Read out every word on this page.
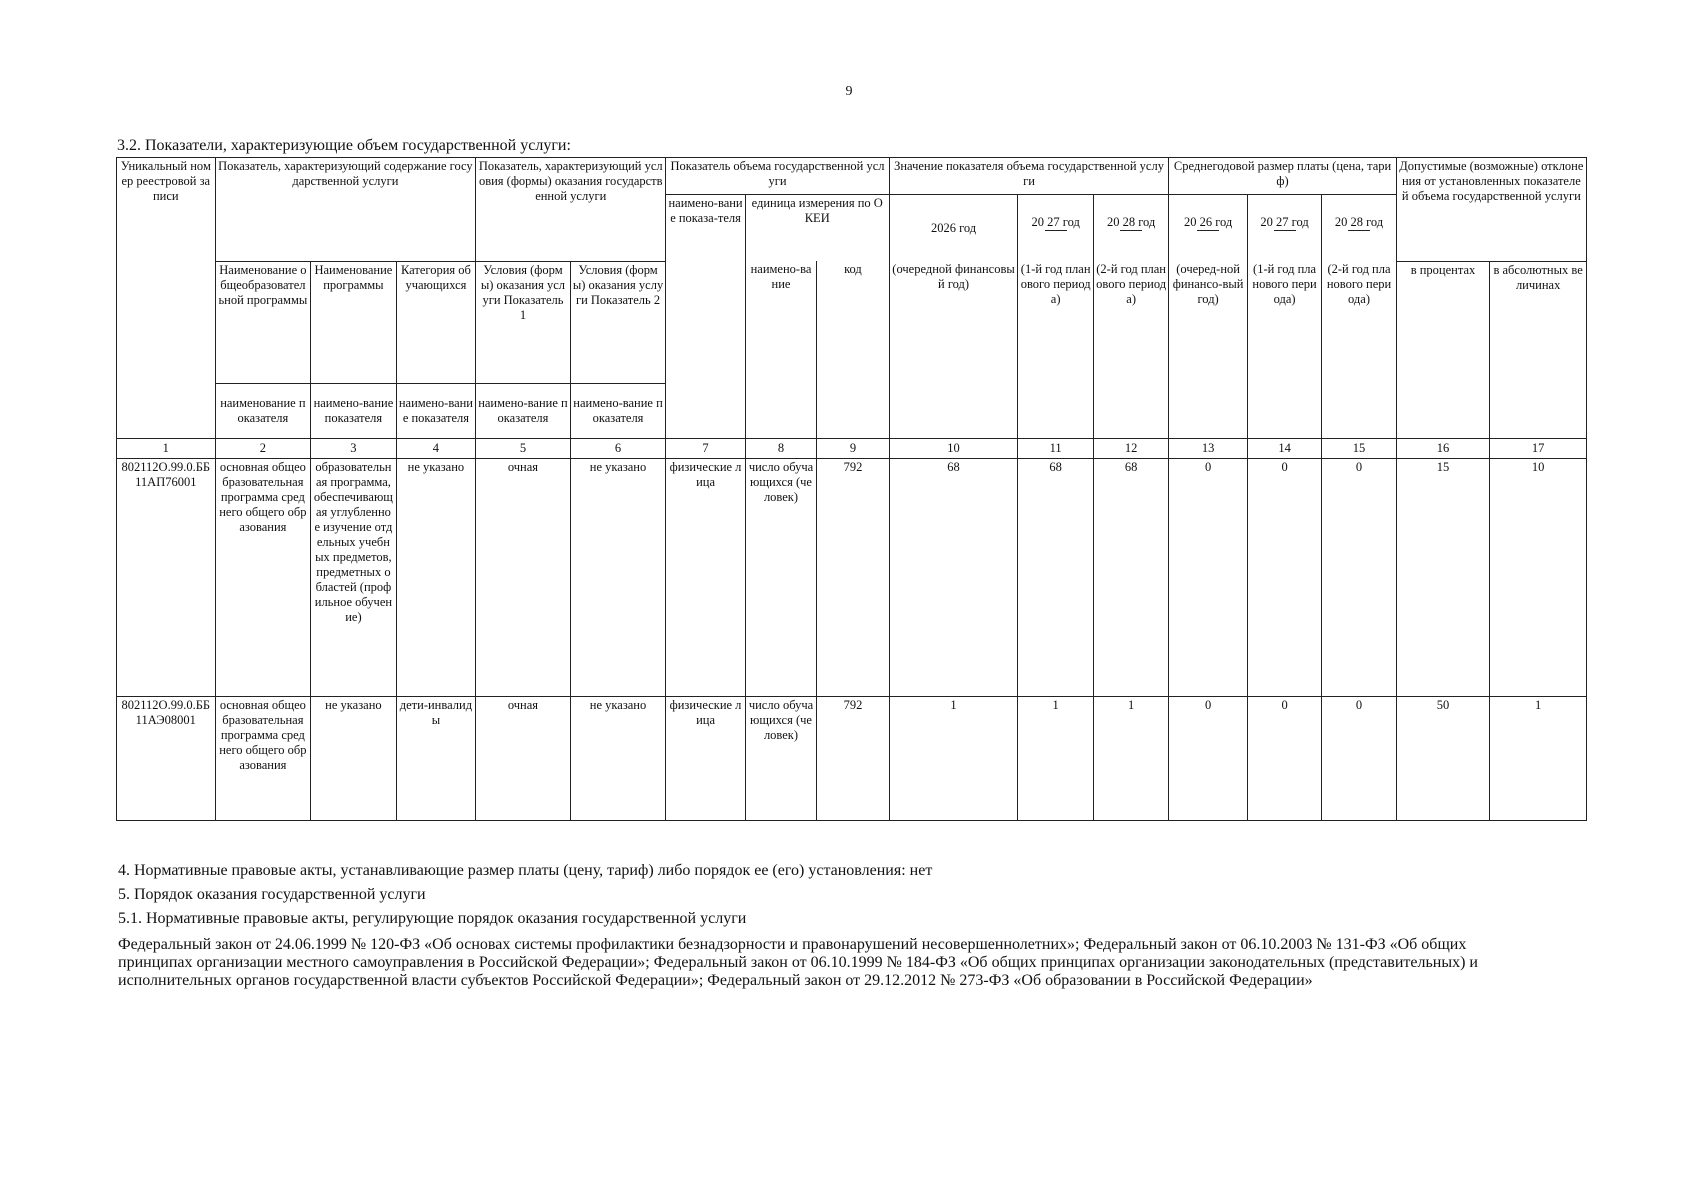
9
3.2. Показатели, характеризующие объем государственной услуги:
Уникальный номер реестровой записи	Показатель, характеризующий содержание государственной услуги			Показатель, характеризующий условия (формы) оказания государственной услуги		Показатель объема государственной услуги			Значение показателя объема государственной услуги			Среднегодовой размер платы (цена, тариф)			Допустимые (возможные) отклонения от установленных показателей объема государственной услуги	
						наимено-вание показа-теля	единица измерения по ОКЕИ		2026 год	20 27 год	20 28 год	20 26 год	20 27 год	20 28 год		

	Наименование общеобразовательной программы	Наименование программы	Категория обучающихся	Условия (формы) оказания услуги Показатель 1	Условия (формы) оказания услуги Показатель 2		наимено-вание	код	(очередной финансовый год)	(1-й год планового периода)	(2-й год планового периода)	(очеред-ной финансо-вый год)	(1-й год планового периода)	(2-й год планового периода)	в процентах	в абсолютных величинах
	наименование показателя	наимено-вание показателя	наимено-вание показателя	наимено-вание показателя	наимено-вание показателя											
1	2	3	4	5	6	7	8	9	10	11	12	13	14	15	16	17
802112О.99.0.ББ11АП76001	основная общеобразовательная программа среднего общего образования	образовательная программа, обеспечивающая углубленное изучение отдельных учебных предметов, предметных областей (профильное обучение)	не указано	очная	не указано	физические лица	число обучающихся (человек)	792	68	68	68	0	0	0	15	10
802112О.99.0.ББ11АЭ08001	основная общеобразовательная программа среднего общего образования	не указано	дети-инвалиды	очная	не указано	физические лица	число обучающихся (человек)	792	1	1	1	0	0	0	50	1

4. Нормативные правовые акты, устанавливающие размер платы (цену, тариф) либо порядок ее (его) установления: нет

5. Порядок оказания государственной услуги

5.1. Нормативные правовые акты, регулирующие порядок оказания государственной услуги

Федеральный закон от 24.06.1999 № 120-ФЗ «Об основах системы профилактики безнадзорности и правонарушений несовершеннолетних»; Федеральный закон от 06.10.2003 № 131-ФЗ «Об общих принципах организации местного самоуправления в Российской Федерации»; Федеральный закон от 06.10.1999 № 184-ФЗ «Об общих принципах организации законодательных (представительных) и исполнительных органов государственной власти субъектов Российской Федерации»; Федеральный закон от 29.12.2012 № 273-ФЗ «Об образовании в Российской Федерации»
